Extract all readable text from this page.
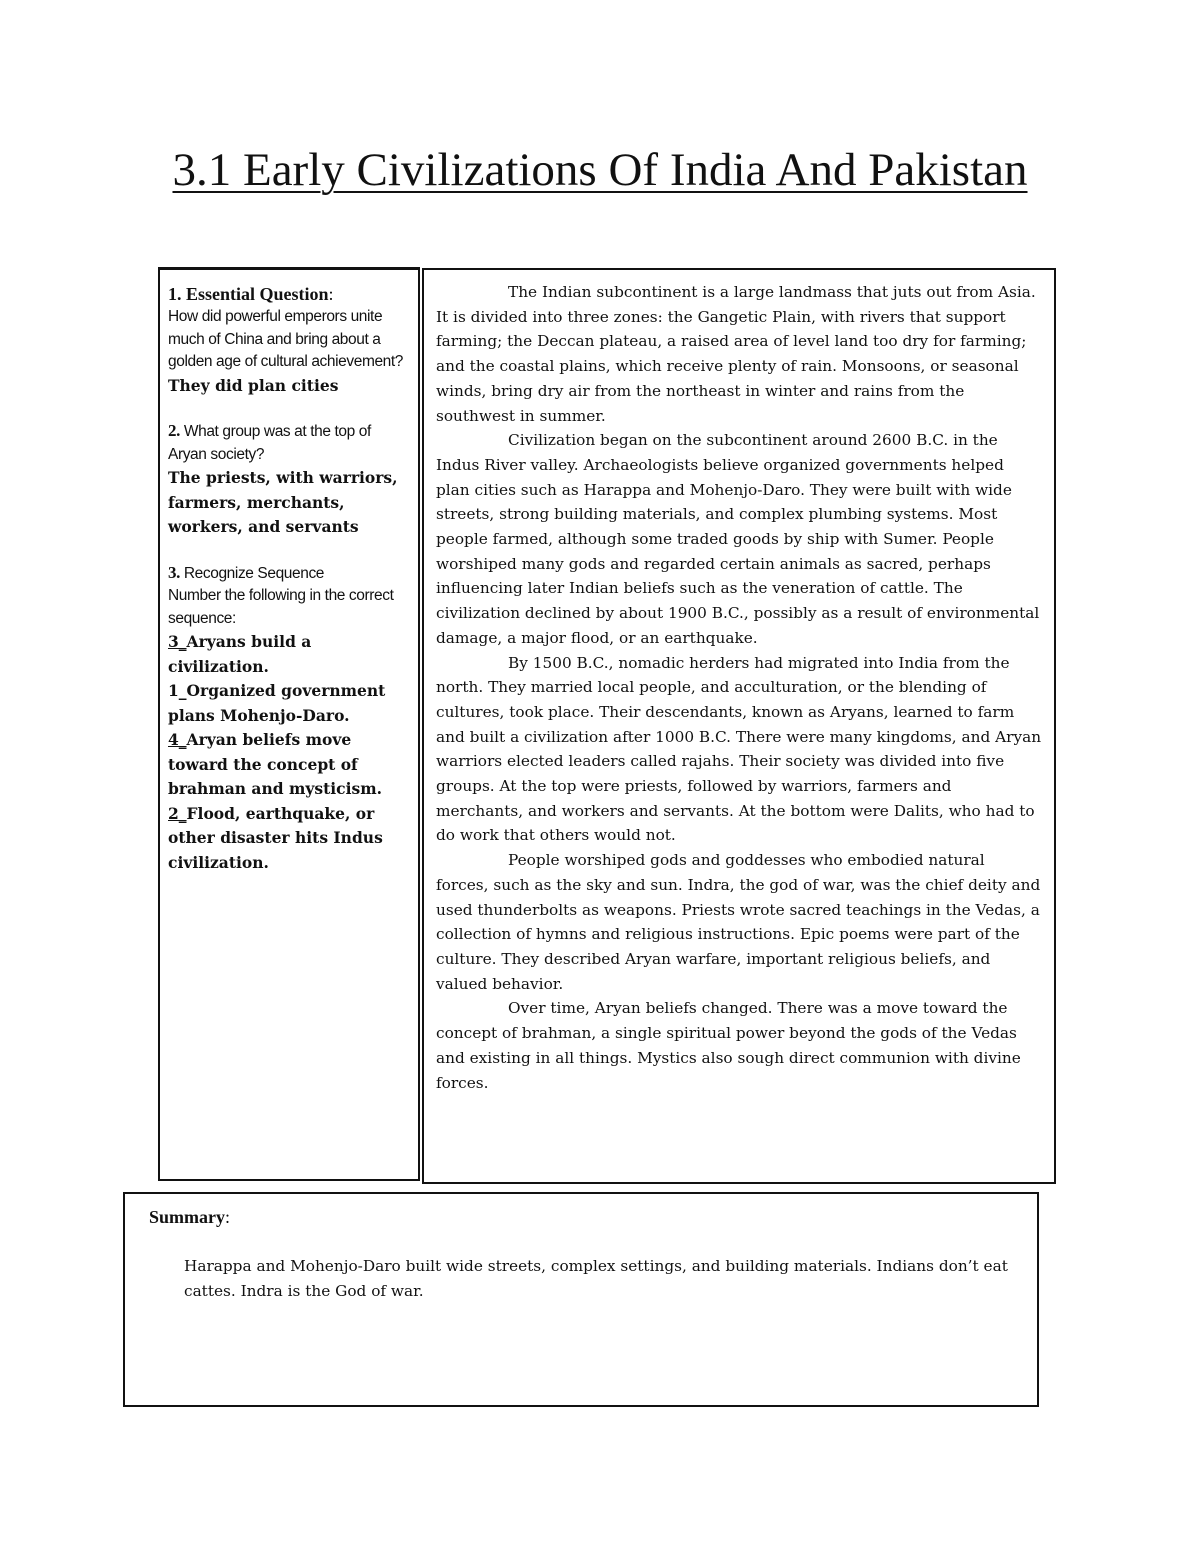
3.1 Early Civilizations Of India And Pakistan
1. Essential Question:
How did powerful emperors unite much of China and bring about a golden age of cultural achievement?
They did plan cities
2. What group was at the top of Aryan society?
The priests, with warriors, farmers, merchants, workers, and servants
3. Recognize Sequence
Number the following in the correct sequence:
3_Aryans build a civilization.
1_Organized government plans Mohenjo-Daro.
4_Aryan beliefs move toward the concept of brahman and mysticism.
2_Flood, earthquake, or other disaster hits Indus civilization.

The Indian subcontinent is a large landmass that juts out from Asia. It is divided into three zones: the Gangetic Plain, with rivers that support farming; the Deccan plateau, a raised area of level land too dry for farming; and the coastal plains, which receive plenty of rain. Monsoons, or seasonal winds, bring dry air from the northeast in winter and rains from the southwest in summer.

Civilization began on the subcontinent around 2600 B.C. in the Indus River valley. Archaeologists believe organized governments helped plan cities such as Harappa and Mohenjo-Daro. They were built with wide streets, strong building materials, and complex plumbing systems. Most people farmed, although some traded goods by ship with Sumer. People worshiped many gods and regarded certain animals as sacred, perhaps influencing later Indian beliefs such as the veneration of cattle. The civilization declined by about 1900 B.C., possibly as a result of environmental damage, a major flood, or an earthquake.

By 1500 B.C., nomadic herders had migrated into India from the north. They married local people, and acculturation, or the blending of cultures, took place. Their descendants, known as Aryans, learned to farm and built a civilization after 1000 B.C. There were many kingdoms, and Aryan warriors elected leaders called rajahs. Their society was divided into five groups. At the top were priests, followed by warriors, farmers and merchants, and workers and servants. At the bottom were Dalits, who had to do work that others would not.

People worshiped gods and goddesses who embodied natural forces, such as the sky and sun. Indra, the god of war, was the chief deity and used thunderbolts as weapons. Priests wrote sacred teachings in the Vedas, a collection of hymns and religious instructions. Epic poems were part of the culture. They described Aryan warfare, important religious beliefs, and valued behavior.

Over time, Aryan beliefs changed. There was a move toward the concept of brahman, a single spiritual power beyond the gods of the Vedas and existing in all things. Mystics also sough direct communion with divine forces.

Summary:
Harappa and Mohenjo-Daro built wide streets, complex settings, and building materials. Indians don’t eat cattes. Indra is the God of war.
